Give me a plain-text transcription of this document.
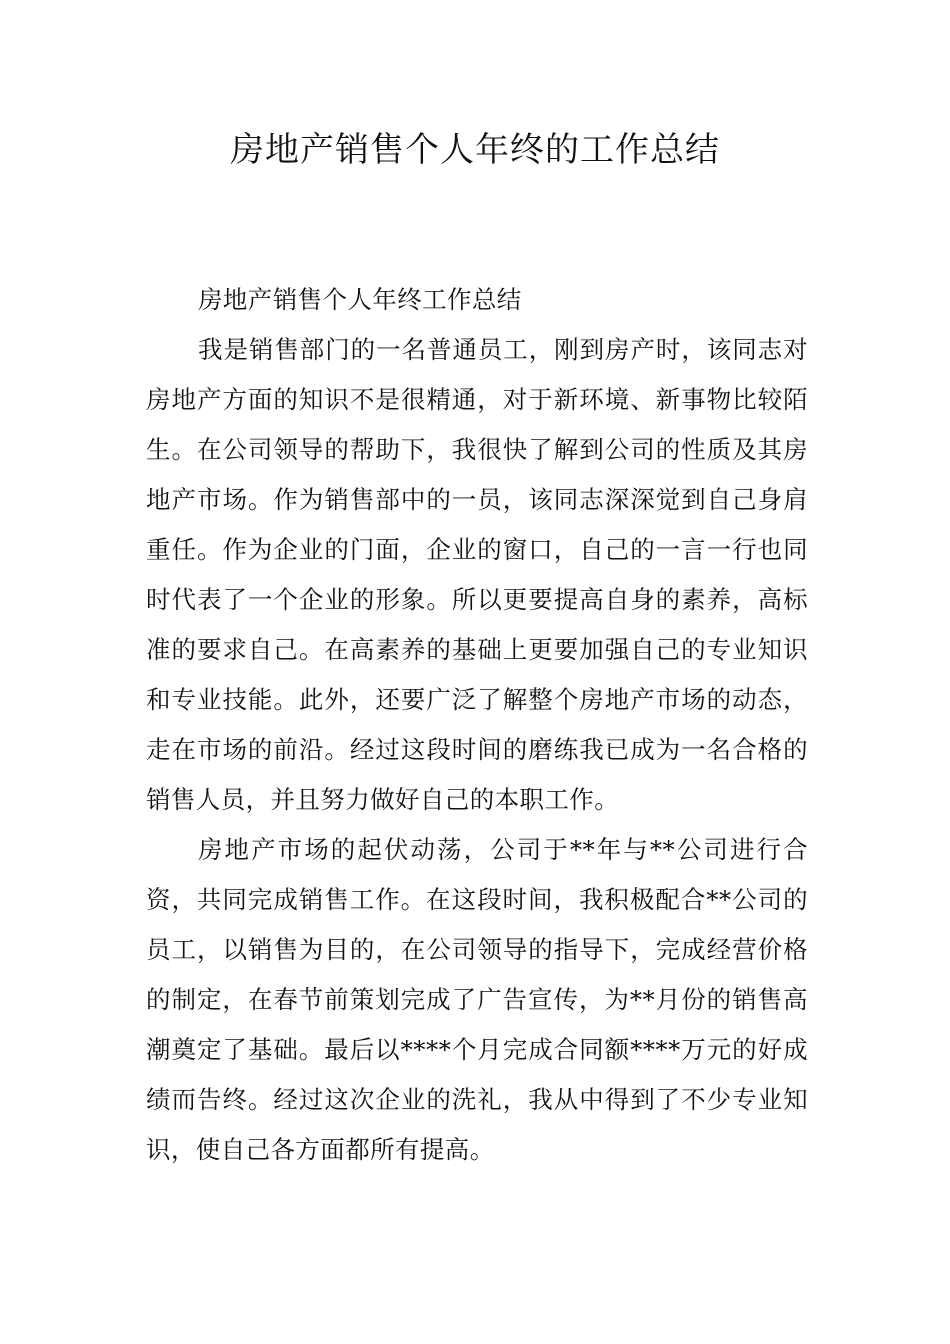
房地产销售个人年终的工作总结

房地产销售个人年终工作总结

我是销售部门的一名普通员工，刚到房产时，该同志对房地产方面的知识不是很精通，对于新环境、新事物比较陌生。在公司领导的帮助下，我很快了解到公司的性质及其房地产市场。作为销售部中的一员，该同志深深觉到自己身肩重任。作为企业的门面，企业的窗口，自己的一言一行也同时代表了一个企业的形象。所以更要提高自身的素养，高标准的要求自己。在高素养的基础上更要加强自己的专业知识和专业技能。此外，还要广泛了解整个房地产市场的动态，走在市场的前沿。经过这段时间的磨练我已成为一名合格的销售人员，并且努力做好自己的本职工作。

房地产市场的起伏动荡，公司于**年与**公司进行合资，共同完成销售工作。在这段时间，我积极配合**公司的员工，以销售为目的，在公司领导的指导下，完成经营价格的制定，在春节前策划完成了广告宣传，为**月份的销售高潮奠定了基础。最后以****个月完成合同额****万元的好成绩而告终。经过这次企业的洗礼，我从中得到了不少专业知识，使自己各方面都所有提高。
